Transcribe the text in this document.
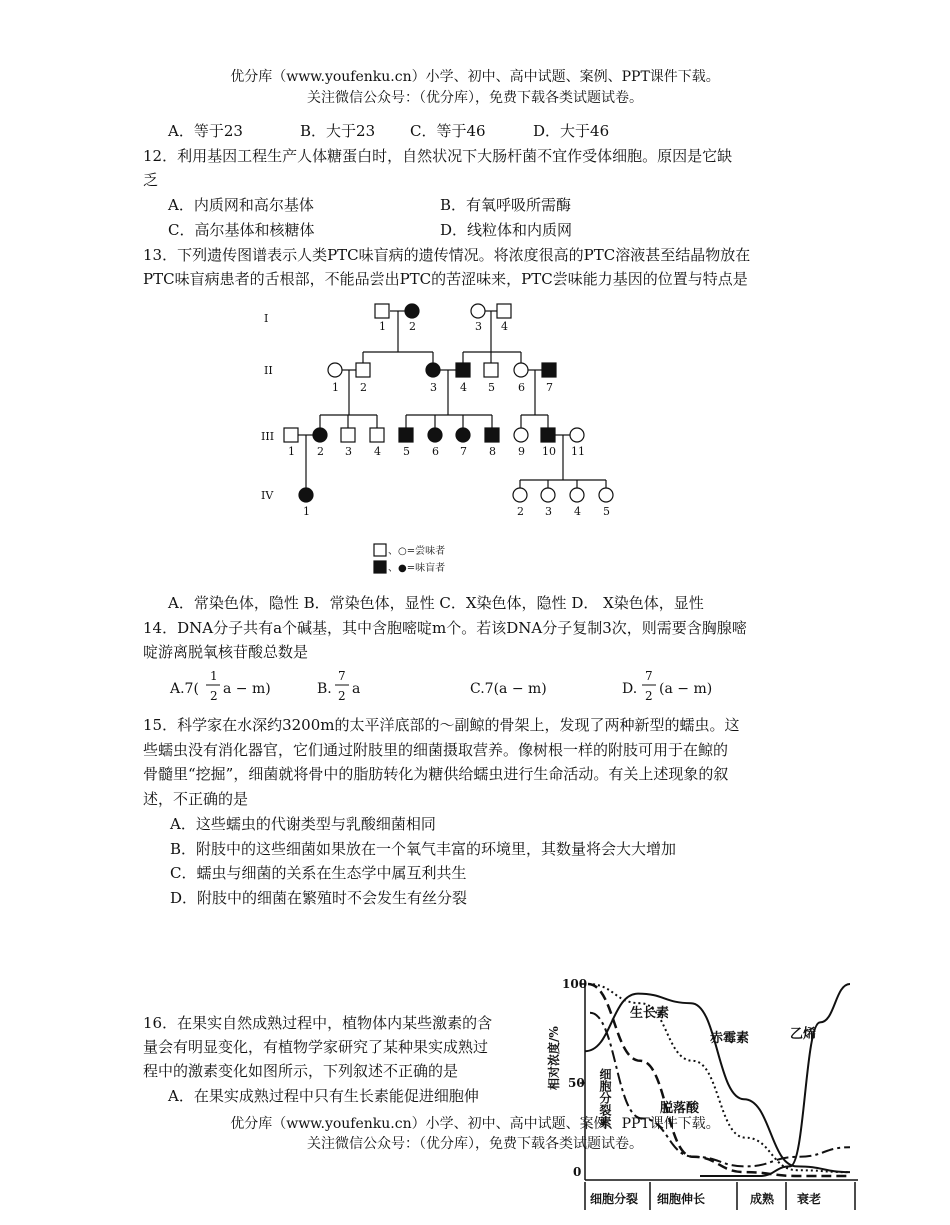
优分库（www.youfenku.cn）小学、初中、高中试题、案例、PPT课件下载。
关注微信公众号：（优分库），免费下载各类试题试卷。
A．等于23	B．大于23 C．等于46	D．大于46
12．利用基因工程生产人体糖蛋白时，自然状况下大肠杆菌不宜作受体细胞。原因是它缺
乏
A．内质网和高尔基体	B．有氧呼吸所需酶
C．高尔基体和核糖体	D．线粒体和内质网
13．下列遗传图谱表示人类PTC味盲病的遗传情况。将浓度很高的PTC溶液甚至结晶物放在
PTC味盲病患者的舌根部，不能品尝出PTC的苦涩味来，PTC尝味能力基因的位置与特点是
I
II
III
IV
1 2	3 4
1 2	3 4 5 6 7
1 2 3 4 5 6 7 8 9 10 11
1	2 3 4 5
、○=尝味者
、●=味盲者
A．常染色体，隐性 B．常染色体，显性 C．X染色体，隐性 D． X染色体，显性
14．DNA分子共有a个碱基，其中含胞嘧啶m个。若该DNA分子复制3次，则需要含胸腺嘧
啶游离脱氧核苷酸总数是
A.7(
1
2 a − m)	B.
7
2 a	C.7(a − m)	D.
7
2 (a − m)
15．科学家在水深约3200m的太平洋底部的～副鲸的骨架上，发现了两种新型的蠕虫。这
些蠕虫没有消化器官，它们通过附肢里的细菌摄取营养。像树根一样的附肢可用于在鲸的
骨髓里“挖掘”，细菌就将骨中的脂肪转化为糖供给蠕虫进行生命活动。有关上述现象的叙
述，不正确的是
A．这些蠕虫的代谢类型与乳酸细菌相同
B．附肢中的这些细菌如果放在一个氧气丰富的环境里，其数量将会大大增加
C．蠕虫与细菌的关系在生态学中属互利共生
D．附肢中的细菌在繁殖时不会发生有丝分裂
16．在果实自然成熟过程中，植物体内某些激素的含
量会有明显变化，有植物学家研究了某种果实成熟过
程中的激素变化如图所示，下列叙述不正确的是
A．在果实成熟过程中只有生长素能促进细胞伸
100
50
0
相对浓度/%
细胞分裂 细胞伸长	成熟 衰老
生长素
赤霉素	乙烯
脱落酸
细胞分裂素
优分库（www.youfenku.cn）小学、初中、高中试题、案例、PPT课件下载。
关注微信公众号：（优分库），免费下载各类试题试卷。
